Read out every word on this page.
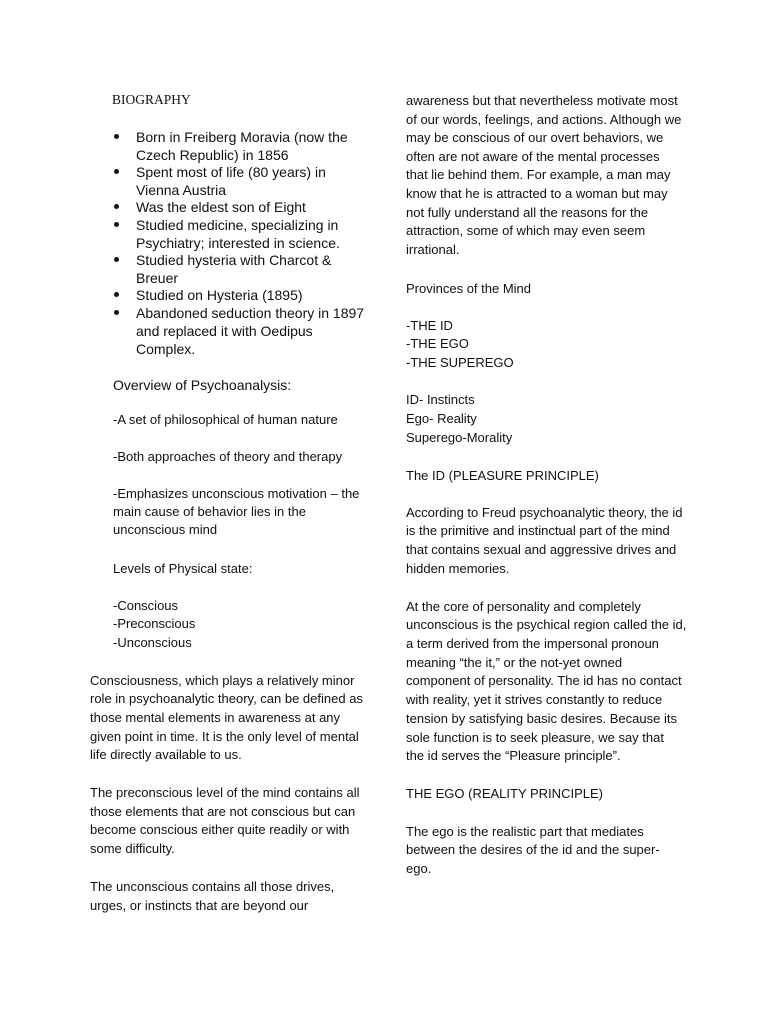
BIOGRAPHY
Born in Freiberg Moravia (now the
Czech Republic) in 1856
Spent most of life (80 years) in
Vienna Austria
Was the eldest son of Eight
Studied medicine, specializing in
Psychiatry; interested in science.
Studied hysteria with Charcot &
Breuer
Studied on Hysteria (1895)
Abandoned seduction theory in 1897
and replaced it with Oedipus
Complex.
Overview of Psychoanalysis:
-A set of philosophical of human nature
-Both approaches of theory and therapy
-Emphasizes unconscious motivation – the
main cause of behavior lies in the
unconscious mind
Levels of Physical state:
-Conscious
-Preconscious
-Unconscious
Consciousness, which plays a relatively minor
role in psychoanalytic theory, can be defined as
those mental elements in awareness at any
given point in time. It is the only level of mental
life directly available to us.
The preconscious level of the mind contains all
those elements that are not conscious but can
become conscious either quite readily or with
some difficulty.
The unconscious contains all those drives,
urges, or instincts that are beyond our
awareness but that nevertheless motivate most
of our words, feelings, and actions. Although we
may be conscious of our overt behaviors, we
often are not aware of the mental processes
that lie behind them. For example, a man may
know that he is attracted to a woman but may
not fully understand all the reasons for the
attraction, some of which may even seem
irrational.
Provinces of the Mind
-THE ID
-THE EGO
-THE SUPEREGO
ID- Instincts
Ego- Reality
Superego-Morality
The ID (PLEASURE PRINCIPLE)
According to Freud psychoanalytic theory, the id
is the primitive and instinctual part of the mind
that contains sexual and aggressive drives and
hidden memories.
At the core of personality and completely
unconscious is the psychical region called the id,
a term derived from the impersonal pronoun
meaning “the it,” or the not-yet owned
component of personality. The id has no contact
with reality, yet it strives constantly to reduce
tension by satisfying basic desires. Because its
sole function is to seek pleasure, we say that
the id serves the “Pleasure principle”.
THE EGO (REALITY PRINCIPLE)
The ego is the realistic part that mediates
between the desires of the id and the super-
ego.
